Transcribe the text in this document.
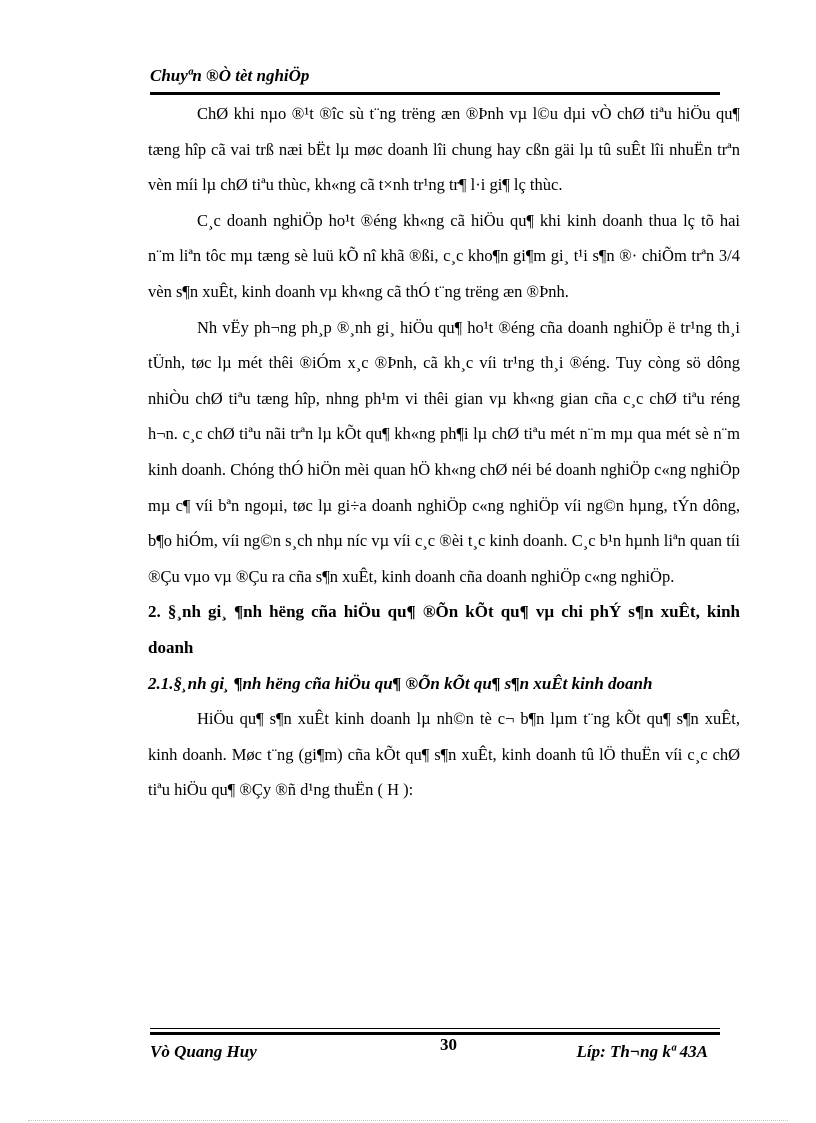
Chuyªn ®Ò tèt nghiÖp

ChØ khi nµo ®¹t ®îc sù t¨ng trëng æn ®Þnh vµ l©u dµi vÒ chØ tiªu hiÖu qu¶ tæng hîp cã vai trß næi bËt lµ møc doanh lîi chung hay cßn gäi lµ tû suÊt lîi nhuËn trªn vèn míi lµ chØ tiªu thùc, kh«ng cã t×nh tr¹ng tr¶ l·i gi¶ lç thùc.

C¸c doanh nghiÖp ho¹t ®éng kh«ng cã hiÖu qu¶ khi kinh doanh thua lç tõ hai n¨m liªn tôc mµ tæng sè luü kÕ nî khã ®ßi, c¸c kho¶n gi¶m gi¸ t¹i s¶n ®· chiÕm trªn 3/4 vèn s¶n xuÊt, kinh doanh vµ kh«ng cã thÓ t¨ng trëng æn ®Þnh.

Nh vËy ph¬ng ph¸p ®¸nh gi¸ hiÖu qu¶ ho¹t ®éng cña doanh nghiÖp ë tr¹ng th¸i tÜnh, tøc lµ mét thêi ®iÓm x¸c ®Þnh, cã kh¸c víi tr¹ng th¸i ®éng. Tuy còng sö dông nhiÒu chØ tiªu tæng hîp, nhng ph¹m vi thêi gian vµ kh«ng gian cña c¸c chØ tiªu réng h¬n. c¸c chØ tiªu nãi trªn lµ kÕt qu¶ kh«ng ph¶i lµ chØ tiªu mét n¨m mµ qua mét sè n¨m kinh doanh. Chóng thÓ hiÖn mèi quan hÖ kh«ng chØ néi bé doanh nghiÖp c«ng nghiÖp mµ c¶ víi bªn ngoµi, tøc lµ gi÷a doanh nghiÖp c«ng nghiÖp víi ng©n hµng, tÝn dông, b¶o hiÓm, víi ng©n s¸ch nhµ níc vµ víi c¸c ®èi t¸c kinh doanh. C¸c b¹n hµnh liªn quan tíi ®Çu vµo vµ ®Çu ra cña s¶n xuÊt, kinh doanh cña doanh nghiÖp c«ng nghiÖp.

2. §¸nh gi¸ ¶nh hëng cña hiÖu qu¶ ®Õn kÕt qu¶ vµ chi phÝ s¶n xuÊt, kinh doanh

2.1.§¸nh gi¸ ¶nh hëng cña hiÖu qu¶ ®Õn kÕt qu¶ s¶n xuÊt kinh doanh

HiÖu qu¶ s¶n xuÊt kinh doanh lµ nh©n tè c¬ b¶n lµm t¨ng kÕt qu¶ s¶n xuÊt, kinh doanh. Møc t¨ng (gi¶m) cña kÕt qu¶ s¶n xuÊt, kinh doanh tû lÖ thuËn víi c¸c chØ tiªu hiÖu qu¶ ®Çy ®ñ d¹ng thuËn ( H ):

Vò Quang Huy	30	Líp: Th¬ng kª 43A
